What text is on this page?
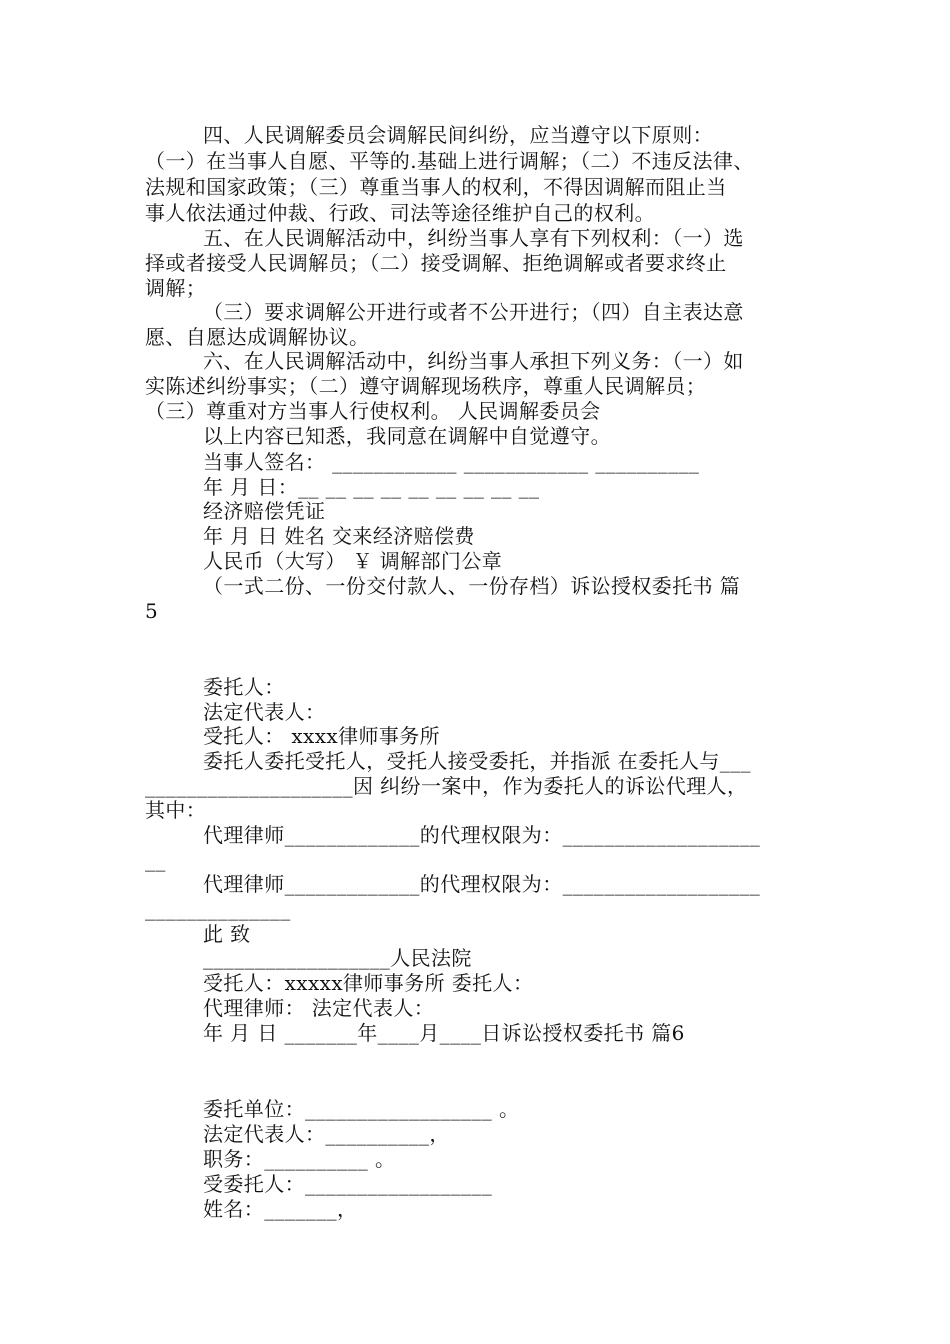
四、人民调解委员会调解民间纠纷，应当遵守以下原则：
（一）在当事人自愿、平等的.基础上进行调解；（二）不违反法律、
法规和国家政策；（三）尊重当事人的权利，不得因调解而阻止当
事人依法通过仲裁、行政、司法等途径维护自己的权利。
五、在人民调解活动中，纠纷当事人享有下列权利：（一）选
择或者接受人民调解员；（二）接受调解、拒绝调解或者要求终止
调解；
（三）要求调解公开进行或者不公开进行；（四）自主表达意
愿、自愿达成调解协议。
六、在人民调解活动中，纠纷当事人承担下列义务：（一）如
实陈述纠纷事实；（二）遵守调解现场秩序，尊重人民调解员；
（三）尊重对方当事人行使权利。 人民调解委员会
以上内容已知悉，我同意在调解中自觉遵守。
当事人签名： ____________ ____________ __________
年 月 日：__ __ __ __ __ __ __ __ __
经济赔偿凭证
年 月 日 姓名 交来经济赔偿费
人民币（大写） ￥ 调解部门公章
（一式二份、一份交付款人、一份存档）诉讼授权委托书 篇
5
委托人：
法定代表人：
受托人： xxxx律师事务所
委托人委托受托人，受托人接受委托，并指派 在委托人与___
____________________因 纠纷一案中，作为委托人的诉讼代理人，
其中：
代理律师_____________的代理权限为：___________________
__
代理律师_____________的代理权限为：___________________
______________
此 致
__________________人民法院
受托人：xxxxx律师事务所 委托人：
代理律师： 法定代表人：
年 月 日 _______年____月____日诉讼授权委托书 篇6
委托单位：__________________ 。
法定代表人：__________，
职务：__________ 。
受委托人：__________________
姓名：_______，
